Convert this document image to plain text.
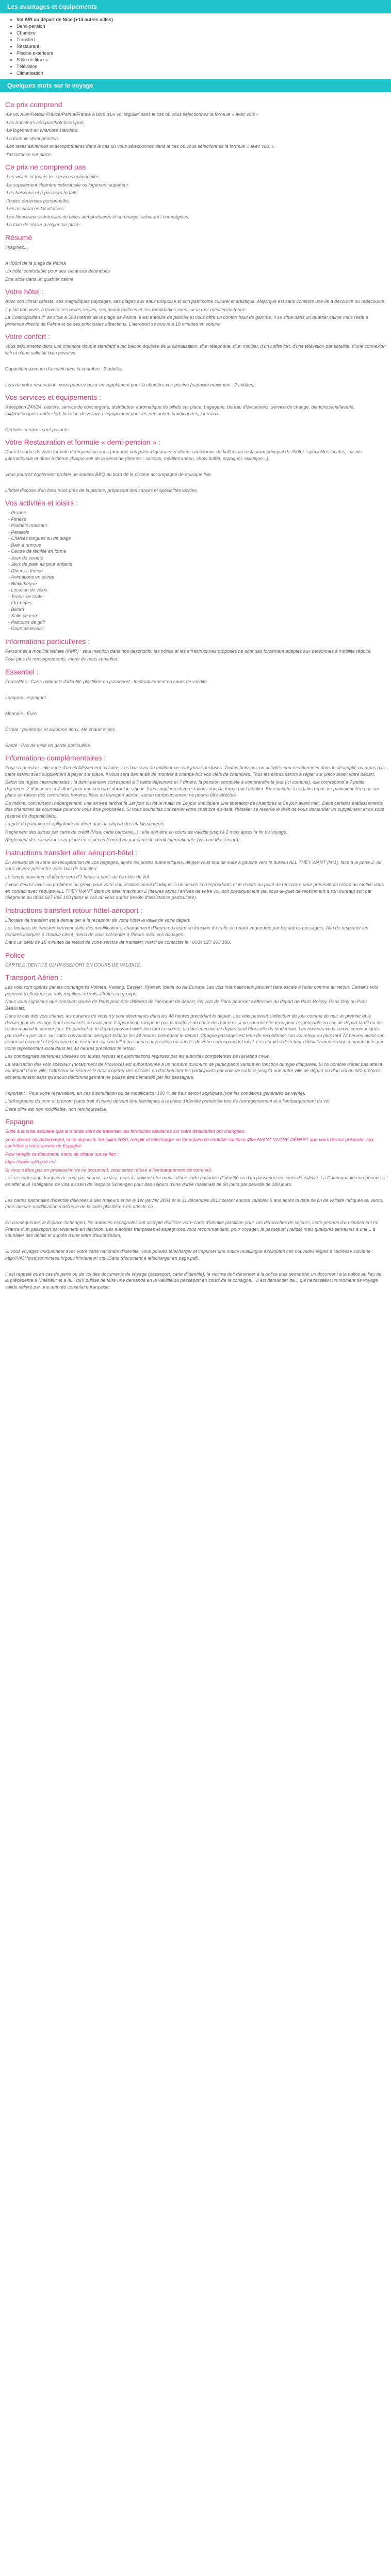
Les avantages et équipements
• Vol A/R au départ de Nice (+14 autres villes)
• Demi-pension
• Chambre
• Transfert
• Restaurant
• Piscine extérieure
• Salle de fitness
• Télévision
• Climatisation
Quelques mots sur le voyage
Ce prix comprend
-Le vol Aller-Retour France/Palma/France à bord d'un vol régulier dans le cas où vous sélectionnez la formule « avec vols »
-Les transferts aéroport/hôtel/aéroport.
-Le logement en chambre standard.
-La formule demi-pension.
-Les taxes aériennes et aéroportuaires dans le cas où vous sélectionnez dans le cas où vous sélectionnez la formule « avec vols ».
-l'assistance sur place.
Ce prix ne comprend pas
-Les visites et toutes les services optionnelles.
-Le supplément chambre individuelle ou logement supérieur.
-Les boissons et repas hors forfaits.
-Toutes dépenses personnelles.
-Les assurances facultatives.
-Les Nouveaux éventuelles de taxes aéroportuaires et surcharge carburant / compagnies.
-La taxe de séjour à régler sur place.
Résumé
Imaginez...

A 400m de la plage de Palma
Un hôtel confortable pour des vacances détendues
Être situé dans un quartier calme
Votre hôtel :
Avec son climat céleste, ses magnifiques paysages, ses plages aux eaux turquoise et son patrimoine culturel et artistique, Majorque est sans conteste une île à découvrir ou redécouvrir.
Il y fait bon vivre, à travers ses belles ruelles, ses beaux édifices et ses formidables vues sur la mer méditerranéenne.
La Cosmopolitan 4* se situe à 500 mètres de la plage de Palma. Il est entouré de palmier et vous offre un confort haut de gamme. Il se situe dans un quartier calme mais reste à proximité directe de Palma et de ses principales attractions. L'aéroport se trouve à 10 minutes en voiture.
Votre confort :
Vous séjournerez dans une chambre double standard avec balcon équipée de la climatisation, d'un téléphone, d'un minibar, d'un coffre fort, d'une télévision par satellite, d'une connexion wifi et d'une salle de bain privative.

Capacité maximum d'accueil dans la chambre : 2 adultes.

Lors de votre réservation, vous pourrez opter en supplément pour la chambre vue piscine (capacité maximum : 2 adultes).
Vos services et équipements :
Réception 24h/24, casiers, service de conciergerie, distributeur automatique de billets sur place, bagagerie, bureau d'excursions, service de change, blanchisserie/laverie, fax/photocopies, coffre-fort, location de voitures, équipement pour les personnes handicapées, journaux.

Certains services sont payants.
Votre Restauration et formule « demi-pension » :
Dans le cadre de votre formule demi-pension vous prendrez vos petits-déjeuners et dîners sous forme de buffets au restaurant principal de l'hôtel : spécialités locales, cuisine internationale et dîner à thème chaque soir de la semaine (thèmes : saisons, méditerranéen, show buffet, espagnol, asiatique...).

Vous pourrez également profiter de soirées BBQ au bord de la piscine accompagné de musique live.

L'hôtel dispose d'un food truck près de la piscine, proposant des snacks et spécialités locales.
Vos activités et loisirs :
- Piscine
- Fitness
- Paddelé massant
- Parasols
- Chaises longues ou de plage
- Bain à remous
- Centre de remise en forme
- Jeux de société
- Jeux de plein air pour enfants
- Dîners à thème
- Animations en soirée
- Bibliothèque
- Location de vélos
- Tennis de table
- Fléchettes
- Billard
- Salle de jeux
- Parcours de golf
- Court de tennis
Informations particulières :
Personnes à mobilité réduite (PMR) : seul mention dans nos descriptifs, les hôtels et les infrastructures proposés ne sont pas forcément adaptés aux personnes à mobilité réduite.
Pour plus de renseignements, merci de nous consulter.
Essentiel :
Formalités : Carte nationale d'identité plastifiée ou passeport : Impérativement en cours de validité

Langues : espagnol.

Monnaie : Euro.

Climat : printemps et automne doux, été chaud et sec.

Santé : Pas de mise en garde particulière.
Informations complémentaires :
Pour sa pension : elle varie d'un établissement à l'autre. Les boissons du midi/bar ne sont jamais incluses. Toutes boissons ou activités non mentionnées dans le descriptif, ou repas à la carte seront avec supplément à payer sur place. Il vous sera demandé de montrer à chaque fois vos clefs de chambres. Tous les extras seront à régler sur place avant votre départ.
Selon les règles internationales : la demi-pension correspond à 7 petits déjeuners et 7 dîners, la pension complète à comprendre le jour (ici compris), elle correspond à 7 petits déjeuners 7 déjeuners et 7 dîner pour une semaine durant le séjour. Tous suppléments/prestations sous la forme par l'hôtelier. En revanche il certains repas ne pouvaient être pris sur place en raison des contraintes horaires liées au transport aérien, aucun remboursement ne pourra être effectué.
De même, concernant l'hébergement, une arrivée tardive le 1er jour ou tôt le matin du 2e jour impliquera une libération de chambres le 8e jour avant midi. Dans certains établissements des chambres de courtoisie pourront vous être proposées. Si vous souhaitez conserver votre chambre au-delà, l'hôtelier se réserve le droit de vous demander un supplément et ce sous réserve de disponibilités.
La prêt du pantalon et obligatoire au dîner dans la plupart des établissements.
Règlement des extras par carte de crédit (Visa, carte bancaire...) : elle doit être en cours de validité jusqu'à 2 mois après la fin du voyage.
Règlement des excursions sur place en espèces (euros) ou par carte de crédit internationale (Visa ou Mastercard).
Instructions transfert aller aéroport-hôtel :
En arrivant de la zone de récupération de vos bagages, après les portes automatiques, dirigez-vous tout de suite à gauche vers le bureau ALL THEY WANT (N°1), face à la porte 2, où vous devrez présenter votre bon de transfert.
Le temps maximum d'attente sera d'1 heure à partir de l'arrivée du vol.
Il vous devrez avoir un problème ou grève pour votre vol, veuillez merci d'indiquer à un de vos correspondants et le rendre au point de rencontre pour présenté du retard au motive vous en contact avec l'équipe ALL THEY WANT dans un délai maximum 2 (heures après l'arrivée de votre vol, soit physiquement (au sous-le-guet de récémment à son bureau) soit par téléphone au 0034 627 895 100 (dans le cas où vous auriez besoin d'assistance particulière).
Instructions transfert retour hôtel-aéroport :
L'horaire de transfert est à demander à la réception de votre hôtel la veille de votre départ.
Les horaires de transfert peuvent subir des modifications, changement d'heure ou retard en fonction du trafic ou retard engendrés par les autres passagers. Afin de respecter les horaires indiqués à chaque client, merci de vous présenter à l'heure avec vos bagages.
Dans un délai de 15 minutes de retard de votre service de transfert, merci de contacter le : 0034 627 895 100.
Police
CARTE D'IDENTITÉ OU PASSEPORT EN COURS DE VALIDITÉ.
Transport Aérien :
Les vols sont opérés par les compagnies Volotea, Vueling, Easyjet, Ryanair, Iberia ou Air Europa. Les vols internationaux peuvent faire escale à l'aller comme au retour. Certains vols pourront s'effectuer sur vols réguliers ou vols affrétés en groupe.
Nous vous signalons que transport diurne de Paris peut être différent de l'aéroport de départ, les vols de Paris pourront s'effectuer au départ de Paris Roissy, Paris Orly ou Paris Beauvais.
Dans le cas des vols charter, les horaires de vous n'y sont déterminés dans les 48 heures précédant le départ. Les vols peuvent s'effectuer de jour comme de nuit, le premier et le dernier jour du voyage étant consacrés au transport. Il appartient, n'importe pas la maîtrise du choix des horaires, il ne sauront être tenu pour responsable en cas de départ tardif ou de retour matinal le dernier jour. En particulier, le départ pouvant avoir lieu tard en soirée, la date effective de départ peut être celle du lendemain. Les horaires vous seront communiqués par mail ou par sms. sur votre convocation aéroport le/dans les 48 heures précédant le départ. Chaque passager est tenu de reconfirmer son vol retour au plus tard 72 heures avant son retour au moment et téléphone et le revenant sur son billet ou sur sa convocation ou auprès de votre correspondant local. Les horaires de retour définitifs vous seront communiqués par notre représentant local dans les 48 heures précédant le retour.
Les compagnies aériennes utilisées ont toutes reçues les autorisations requises par les autorités compétentes de l'aviation civile.
La réalisation des vols spéciaux (notamment de Province) est subordonnée à un nombre minimum de participants variant en fonction du type d'appareil. Si ce nombre n'était pas atteint au départ d'une ville, l'affréteur se réserve le droit d'opérer des escales ou d'acheminer les participants par voie de surface jusqu'à une autre ville de départ ou d'un vol ou et/à pré/post acheminement sans qu'aucun dédommagement ne puisse être demandé par les passagers.

Important : Pour votre réservation, en cas d'annulation ou de modification 100 % de frais seront appliqués (voir les conditions générales de vente).
L'orthographe du nom et prénom (sans trait d'union) doivent être identiques à la pièce d'identité présentée lors de l'enregistrement et à l'embarquement du vol.
Cette offre est non modifiable, non remboursable.
Espagne
Suite à la crise sanitaire que le monde vient de traverser, les formalités sanitaires sur votre destination ont changées.
Vous devrez obligatoirement, et ce depuis le 1er juillet 2020, remplir et télécharger un formulaire de contrôle sanitaire 48H AVANT VOTRE DÉPART que vous devrez présenter aux contrôles à votre arrivée en Espagne.
Pour remplir ce document, merci de cliquer sur ce lien :
https://www.spth.gob.es/
Si vous n'êtes pas en possession de ce document, vous serez refusé à l'embarquement de votre vol.
Les ressortissants français ne sont pas soumis au visa, mais ils doivent être munis d'une carte nationale d'identité ou d'un passeport en cours de validité. La Communauté européenne a en effet levé l'obligation de visa au sein de l'espace Schengen pour des séjours d'une durée maximale de 90 jours par période de 180 jours.

Les cartes nationales d'identité délivrées à des majeurs entre le 1er janvier 2004 et le 31 décembre 2013 seront encore valables 5 ans après la date de fin de validité indiquée au verso, mais aucune modification matérielle de la carte plastifiée n'en atteste ce.

En conséquence, le Espace Schengen, les autorités espagnoles ont accepté d'utiliser votre carte d'identité plastifiée pour vos démarches de séjours, cette période d'un Oralement en France d'un passeport est vivement en décision. Les autorités françaises et espagnoles vous recommandent, pour voyager, le passeport (valide) mais quelques semaines à une... à souhaiter des délais et auprès d'une lettre d'autorisation.

Si vous voyagez uniquement avec votre carte nationale d'identité, vous pouvez télécharger et imprimer une notice multilingue expliquant ces nouvelles règles à l'adresse suivante : http://ViOHowdiscriminess.fr/gouv.fr/interieur/ cni-15ans (document à télécharger en page pdf).

Il est rappelé qu'en cas de perte ou de vol des documents de voyage (passeport, carte d'identité), la victime doit dénoncer à la police puis demander un document à la police au lieu de la précédente à l'intérieur et à la... qu'il puisse de faire une demande en la validité du passeport en cours de la consigne... Il est demander de... qui nécessitent un moment de voyage valide délivré par une autorité consulaire française.
